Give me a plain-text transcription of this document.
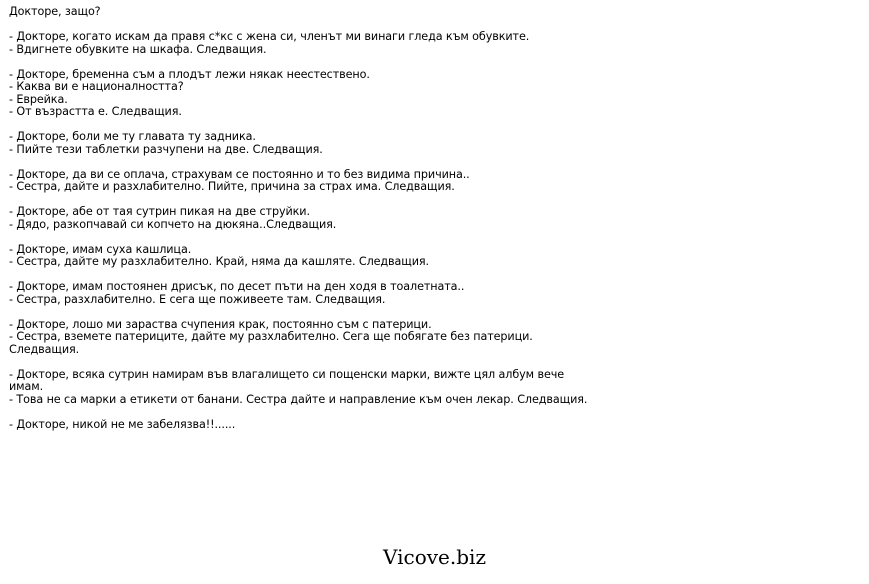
Докторе, защо?
- Докторе, когато искам да правя с*кс с жена си, членът ми винаги гледа към обувките.
- Вдигнете обувките на шкафа. Следващия.
- Докторе, бременна съм а плодът лежи някак неестествено.
- Каква ви е националността?
- Еврейка.
- От възрастта е. Следващия.
- Докторе, боли ме ту главата ту задника.
- Пийте тези таблетки разчупени на две. Следващия.
- Докторе, да ви се оплача, страхувам се постоянно и то без видима причина..
- Сестра, дайте и разхлабително. Пийте, причина за страх има. Следващия.
- Докторе, абе от тая сутрин пикая на две струйки.
- Дядо, разкопчавай си копчето на дюкяна..Следващия.
- Докторе, имам суха кашлица.
- Сестра, дайте му разхлабително. Край, няма да кашляте. Следващия.
- Докторе, имам постоянен дрисък, по десет пъти на ден ходя в тоалетната..
- Сестра, разхлабително. Е сега ще поживеете там. Следващия.
- Докторе, лошо ми зараства счупения крак, постоянно съм с патерици.
- Сестра, вземете патериците, дайте му разхлабително. Сега ще побягате без патерици.
Следващия.
- Докторе, всяка сутрин намирам във влагалището си пощенски марки, вижте цял албум вече
имам.
- Това не са марки а етикети от банани. Сестра дайте и направление към очен лекар. Следващия.
- Докторе, никой не ме забелязва!!......
Vicove.biz
